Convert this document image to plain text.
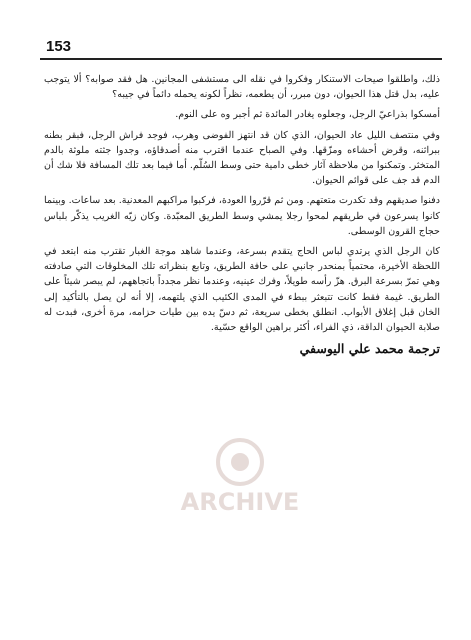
153

ذلك، واطلقوا صيحات الاستنكار وفكروا في نقله الى مستشفى المجانين. هل فقد صوابه؟ ألا يتوجب عليه، بدل قتل هذا الحيوان، دون مبرر، أن يطعمه، نظراً لكونه يحمله دائماً في جيبه؟

أمسكوا بذراعيّ الرجل، وجعلوه يغادر المائدة ثم أجبر وه على النوم.

وفي منتصف الليل عاد الحيوان، الذي كان قد انتهز الفوضى وهرب، فوجد فراش الرجل، فبقر بطنه ببراثنه، وقرض أحشاءه ومزّقها. وفي الصباح عندما اقترب منه أصدقاؤه، وجدوا جثته ملوثة بالدم المتخثر. وتمكنوا من ملاحظة آثار خطى دامية حتى وسط السُلّم. أما فيما بعد تلك المسافة فلا شك أن الدم قد جف على قوائم الحيوان.

دفنوا صديقهم وقد تكدرت متعتهم. ومن ثم قرّروا العودة، فركبوا مراكبهم المعدنية. بعد ساعات. وبينما كانوا يسرعون في طريقهم لمحوا رجلا يمشي وسط الطريق المعبّدة. وكان زيّه الغريب يذكّر بلباس حجاج القرون الوسطى.

كان الرجل الذي يرتدي لباس الحاج يتقدم بسرعة، وعندما شاهد موجة الغبار تقترب منه ابتعد في اللحظة الأخيرة، محتمياً بمنحدر جانبي على حافة الطريق، وتابع بنظراته تلك المخلوقات التي صادفته وهي تمرّ بسرعة البرق. هزّ رأسه طويلاً، وفرك عينيه، وعندما نظر مجدداً باتجاههم، لم يبصر شيئاً على الطريق. غيمة فقط كانت تتبعثر ببطء في المدى الكئيب الذي يلتهمه، إلا أنه لن يصل بالتأكيد إلى الخان قبل إغلاق الأبواب. انطلق بخطى سريعة، ثم دسّ يده بين طيات حزامه، مرة أخرى، فبدت له صلابة الحيوان الداقة، ذي الفراء، أكثر براهين الواقع حسّية.

ترجمة محمد علي اليوسفي
ARCHIVE
